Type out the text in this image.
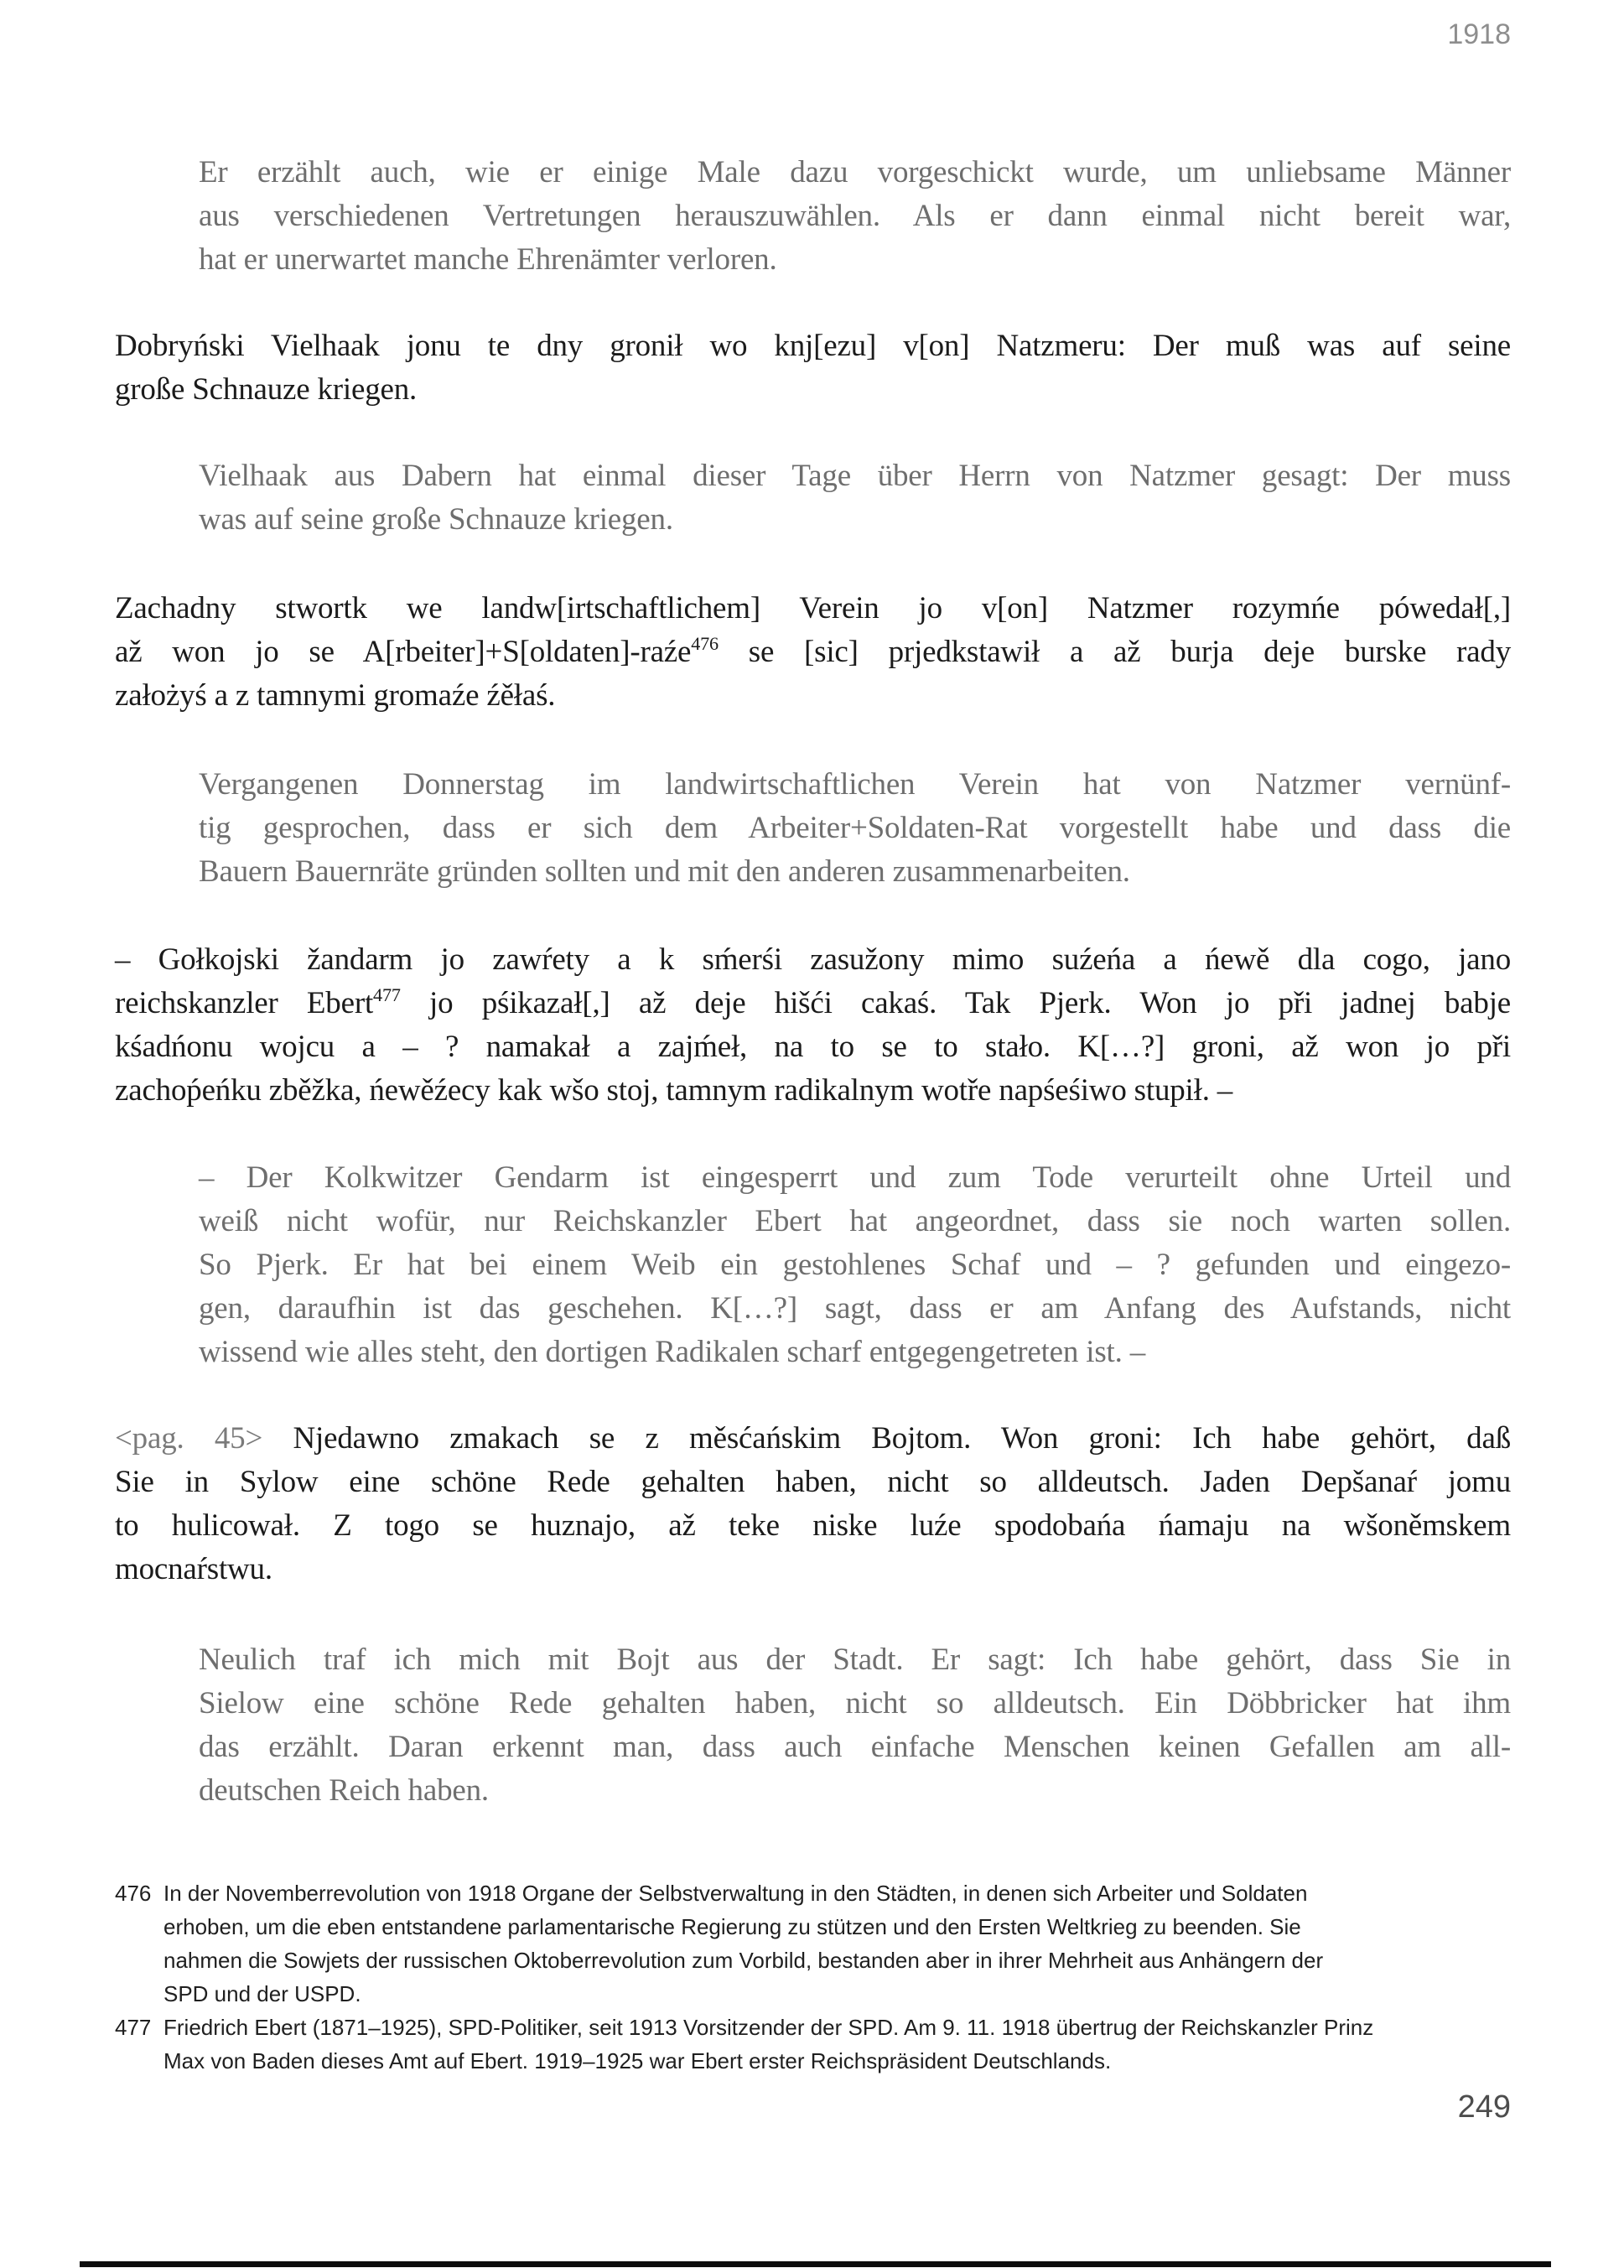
1918
Er erzählt auch, wie er einige Male dazu vorgeschickt wurde, um unliebsame Männer
aus verschiedenen Vertretungen herauszuwählen. Als er dann einmal nicht bereit war,
hat er unerwartet manche Ehrenämter verloren.
Dobryński Vielhaak jonu te dny gronił wo knj[ezu] v[on] Natzmeru: Der muß was auf seine
große Schnauze kriegen.
Vielhaak aus Dabern hat einmal dieser Tage über Herrn von Natzmer gesagt: Der muss
was auf seine große Schnauze kriegen.
Zachadny stwortk we landw[irtschaftlichem] Verein jo v[on] Natzmer rozymńe pówedał[,]
až won jo se A[rbeiter]+S[oldaten]-raźe$^{476}$ se [sic] prjedkstawił a až burja deje burske rady
założyś a z tamnymi gromaźe źěłaś.
Vergangenen Donnerstag im landwirtschaftlichen Verein hat von Natzmer vernünf-
tig gesprochen, dass er sich dem Arbeiter+Soldaten-Rat vorgestellt habe und dass die
Bauern Bauernräte gründen sollten und mit den anderen zusammenarbeiten.
– Gołkojski žandarm jo zawŕety a k sḿerśi zasužony mimo suźeńa a ńewě dla cogo, jano
reichskanzler Ebert$^{477}$ jo pśikazał[,] až deje hišći cakaś. Tak Pjerk. Won jo při jadnej babje
kśadńonu wojcu a – ? namakał a zajḿeł, na to se to stało. K[…?] groni, až won jo při
zachoṕeńku zběžka, ńewěźecy kak wšo stoj, tamnym radikalnym wotře napśeśiwo stupił. –
– Der Kolkwitzer Gendarm ist eingesperrt und zum Tode verurteilt ohne Urteil und
weiß nicht wofür, nur Reichskanzler Ebert hat angeordnet, dass sie noch warten sollen.
So Pjerk. Er hat bei einem Weib ein gestohlenes Schaf und – ? gefunden und eingezo-
gen, daraufhin ist das geschehen. K[…?] sagt, dass er am Anfang des Aufstands, nicht
wissend wie alles steht, den dortigen Radikalen scharf entgegengetreten ist. –
<pag. 45> Njedawno zmakach se z měsćańskim Bojtom. Won groni: Ich habe gehört, daß
Sie in Sylow eine schöne Rede gehalten haben, nicht so alldeutsch. Jaden Depšanaŕ jomu
to hulicował. Z togo se huznajo, až teke niske luźe spodobańa ńamaju na wšoněmskem
mocnaŕstwu.
Neulich traf ich mich mit Bojt aus der Stadt. Er sagt: Ich habe gehört, dass Sie in
Sielow eine schöne Rede gehalten haben, nicht so alldeutsch. Ein Döbbricker hat ihm
das erzählt. Daran erkennt man, dass auch einfache Menschen keinen Gefallen am all-
deutschen Reich haben.
476 In der Novemberrevolution von 1918 Organe der Selbstverwaltung in den Städten, in denen sich Arbeiter und Soldaten
erhoben, um die eben entstandene parlamentarische Regierung zu stützen und den Ersten Weltkrieg zu beenden. Sie
nahmen die Sowjets der russischen Oktoberrevolution zum Vorbild, bestanden aber in ihrer Mehrheit aus Anhängern der
SPD und der USPD.
477 Friedrich Ebert (1871–1925), SPD-Politiker, seit 1913 Vorsitzender der SPD. Am 9. 11. 1918 übertrug der Reichskanzler Prinz
Max von Baden dieses Amt auf Ebert. 1919–1925 war Ebert erster Reichspräsident Deutschlands.
249
